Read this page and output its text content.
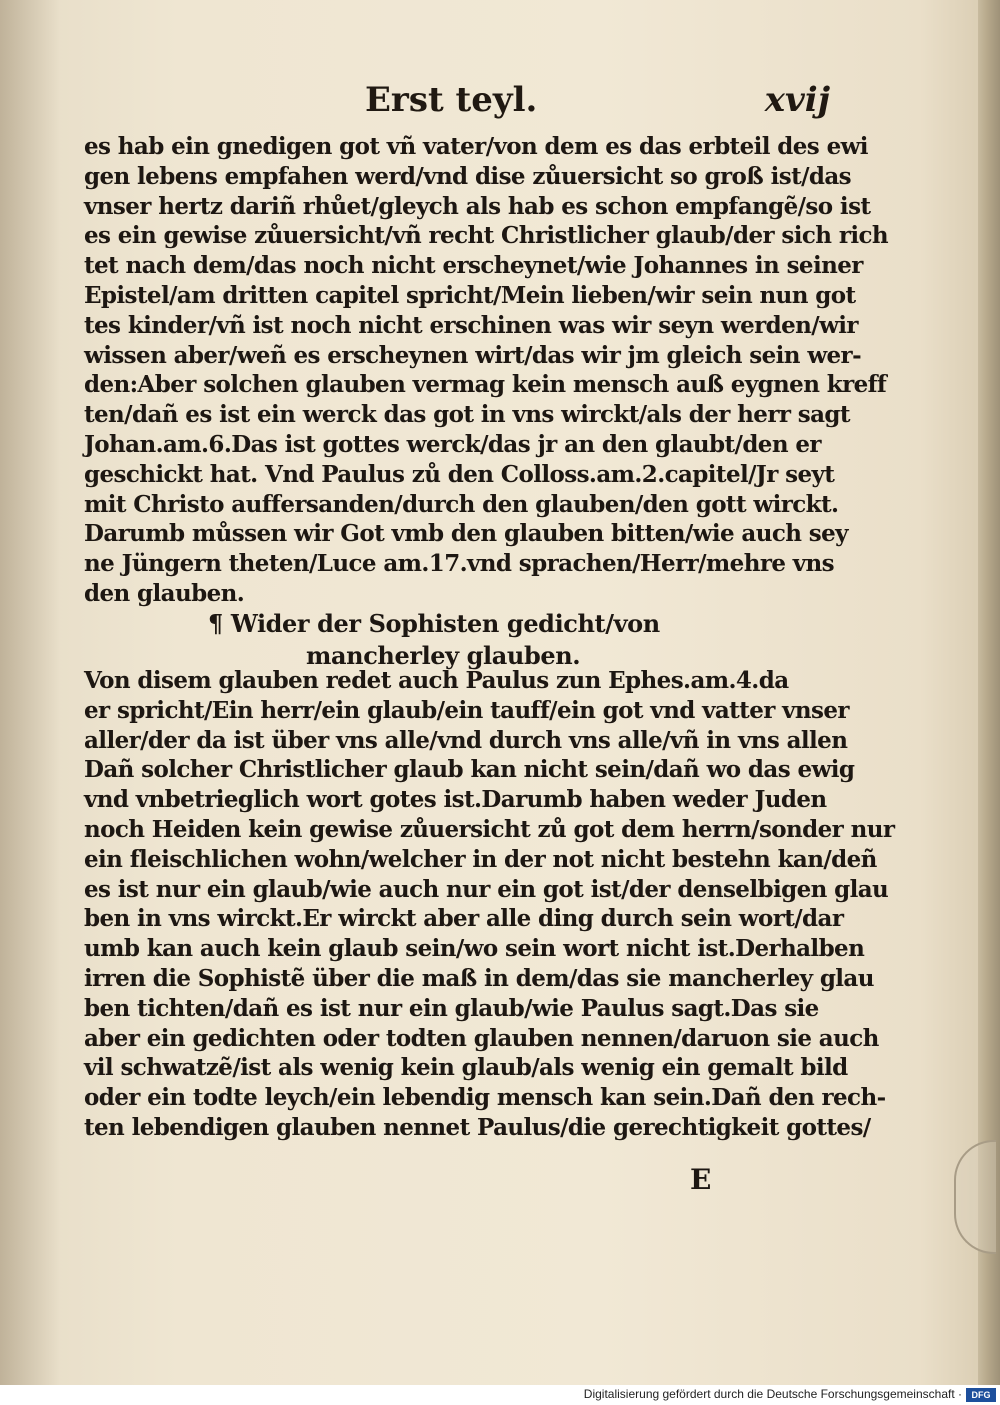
Erst teyl.	xvij
es hab ein gnedigen got vñ vater/von dem es das erbteil des ewi
gen lebens empfahen werd/vnd dise zůuersicht so groß ist/das
vnser hertz dariñ rhůet/gleych als hab es schon empfangẽ/so ist
es ein gewise zůuersicht/vñ recht Christlicher glaub/der sich rich
tet nach dem/das noch nicht erscheynet/wie Johannes in seiner
Epistel/am dritten capitel spricht/Mein lieben/wir sein nun got
tes kinder/vñ ist noch nicht erschinen was wir seyn werden/wir
wissen aber/weñ es erscheynen wirt/das wir jm gleich sein wer-
den:Aber solchen glauben vermag kein mensch auß eygnen kreff
ten/dañ es ist ein werck das got in vns wirckt/als der herr sagt
Johan.am.6.Das ist gottes werck/das jr an den glaubt/den er
geschickt hat. Vnd Paulus zů den Colloss.am.2.capitel/Jr seyt
mit Christo auffersanden/durch den glauben/den gott wirckt.
Darumb můssen wir Got vmb den glauben bitten/wie auch sey
ne Jüngern theten/Luce am.17.vnd sprachen/Herr/mehre vns
den glauben.
¶ Wider der Sophisten gedicht/von
mancherley glauben.
Von disem glauben redet auch Paulus zun Ephes.am.4.da
er spricht/Ein herr/ein glaub/ein tauff/ein got vnd vatter vnser
aller/der da ist über vns alle/vnd durch vns alle/vñ in vns allen
Dañ solcher Christlicher glaub kan nicht sein/dañ wo das ewig
vnd vnbetrieglich wort gotes ist.Darumb haben weder Juden
noch Heiden kein gewise zůuersicht zů got dem herrn/sonder nur
ein fleischlichen wohn/welcher in der not nicht bestehn kan/deñ
es ist nur ein glaub/wie auch nur ein got ist/der denselbigen glau
ben in vns wirckt.Er wirckt aber alle ding durch sein wort/dar
umb kan auch kein glaub sein/wo sein wort nicht ist.Derhalben
irren die Sophistẽ über die maß in dem/das sie mancherley glau
ben tichten/dañ es ist nur ein glaub/wie Paulus sagt.Das sie
aber ein gedichten oder todten glauben nennen/daruon sie auch
vil schwatzẽ/ist als wenig kein glaub/als wenig ein gemalt bild
oder ein todte leych/ein lebendig mensch kan sein.Dañ den rech-
ten lebendigen glauben nennet Paulus/die gerechtigkeit gottes/
E
Digitalisierung gefördert durch die Deutsche Forschungsgemeinschaft ·	DFG
